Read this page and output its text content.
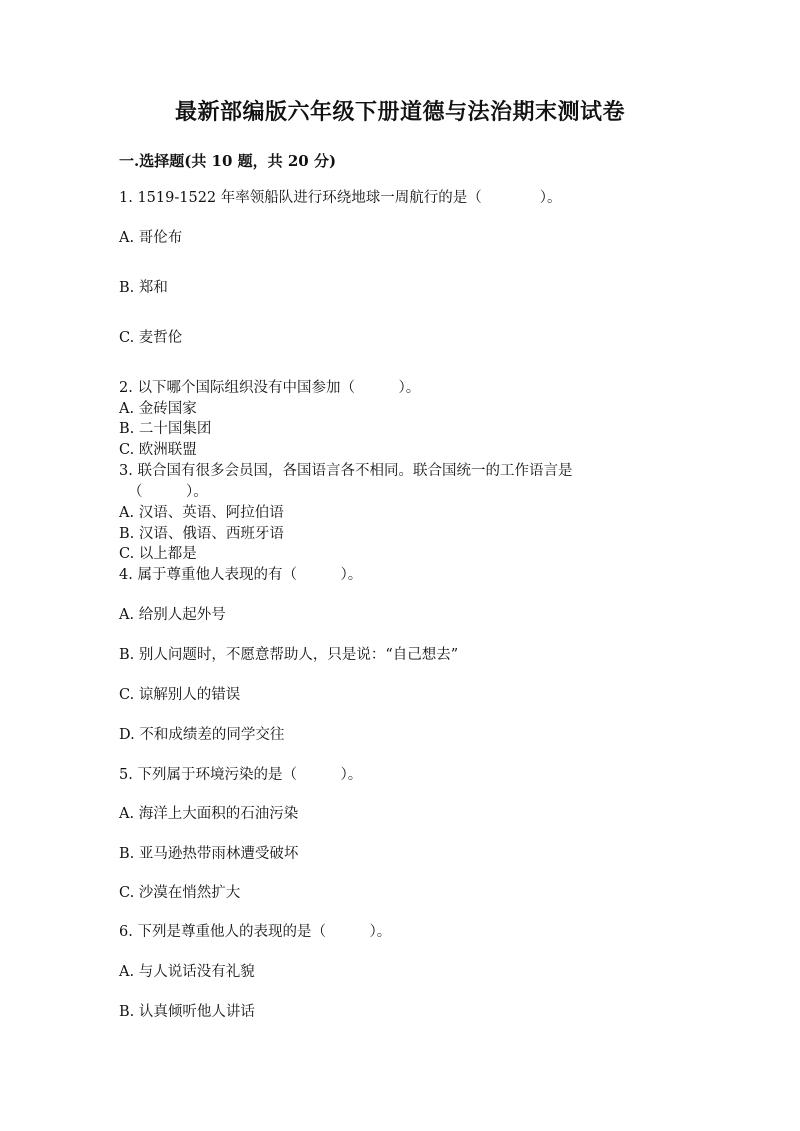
最新部编版六年级下册道德与法治期末测试卷
一.选择题(共 10 题，共 20 分)
1. 1519-1522 年率领船队进行环绕地球一周航行的是（　　　　）。
A. 哥伦布
B. 郑和
C. 麦哲伦
2. 以下哪个国际组织没有中国参加（　　　）。
A. 金砖国家
B. 二十国集团
C. 欧洲联盟
3. 联合国有很多会员国，各国语言各不相同。联合国统一的工作语言是
（　　　）。
A. 汉语、英语、阿拉伯语
B. 汉语、俄语、西班牙语
C. 以上都是
4. 属于尊重他人表现的有（　　　）。
A. 给别人起外号
B. 别人问题时，不愿意帮助人，只是说：“自己想去”
C. 谅解别人的错误
D. 不和成绩差的同学交往
5. 下列属于环境污染的是（　　　）。
A. 海洋上大面积的石油污染
B. 亚马逊热带雨林遭受破坏
C. 沙漠在悄然扩大
6. 下列是尊重他人的表现的是（　　　）。
A. 与人说话没有礼貌
B. 认真倾听他人讲话
